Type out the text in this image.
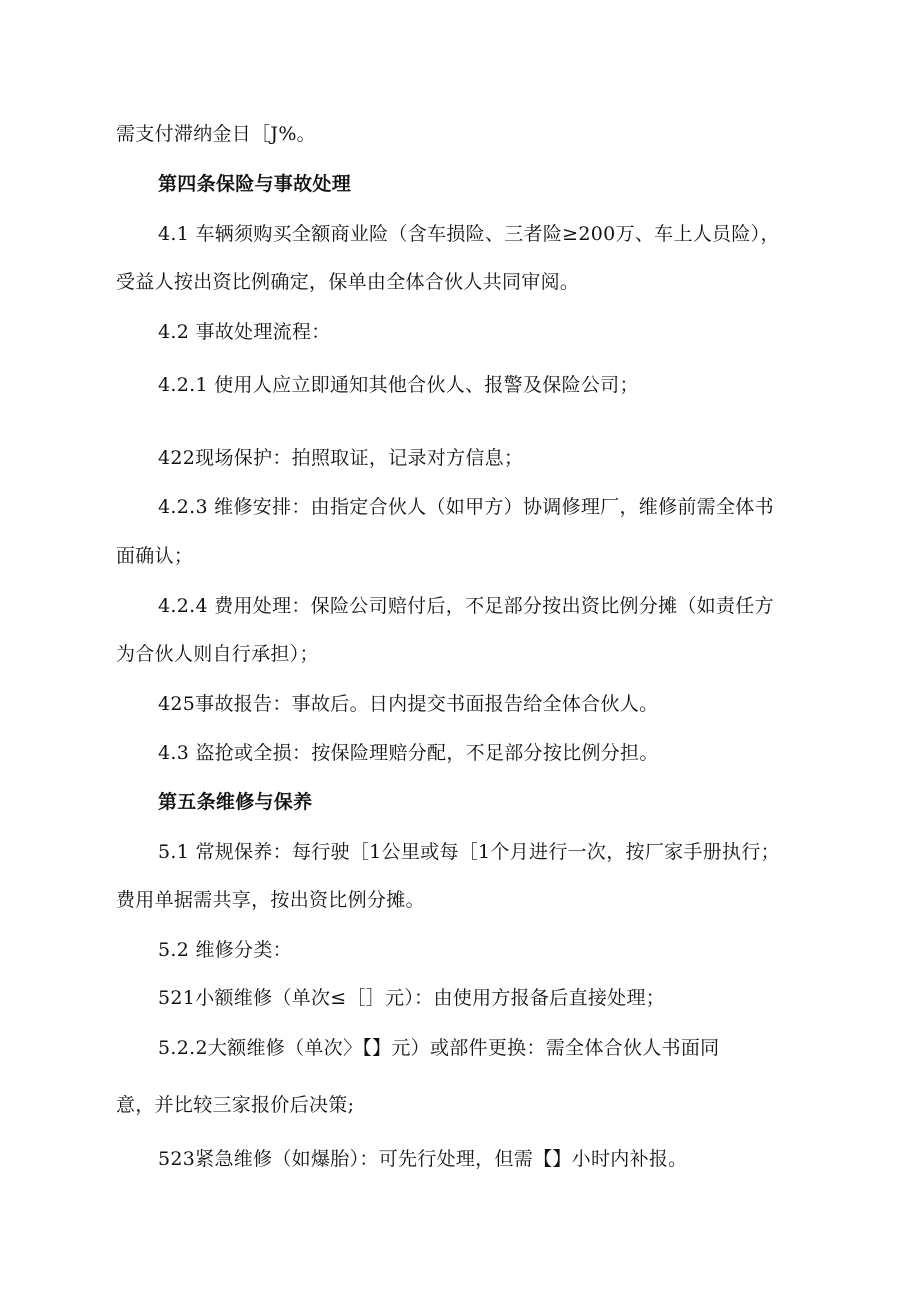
需支付滞纳金日［J%。
第四条保险与事故处理
4.1 车辆须购买全额商业险（含车损险、三者险≥200万、车上人员险），
受益人按出资比例确定，保单由全体合伙人共同审阅。
4.2 事故处理流程：
4.2.1 使用人应立即通知其他合伙人、报警及保险公司；
422现场保护：拍照取证，记录对方信息；
4.2.3 维修安排：由指定合伙人（如甲方）协调修理厂，维修前需全体书
面确认；
4.2.4 费用处理：保险公司赔付后，不足部分按出资比例分摊（如责任方
为合伙人则自行承担）；
425事故报告：事故后。日内提交书面报告给全体合伙人。
4.3 盗抢或全损：按保险理赔分配，不足部分按比例分担。
第五条维修与保养
5.1 常规保养：每行驶［1公里或每［1个月进行一次，按厂家手册执行；
费用单据需共享，按出资比例分摊。
5.2 维修分类：
521小额维修（单次≤［］元）：由使用方报备后直接处理；
5.2.2大额维修（单次〉【】元）或部件更换：需全体合伙人书面同
意，并比较三家报价后决策;
523紧急维修（如爆胎）：可先行处理，但需【】小时内补报。
